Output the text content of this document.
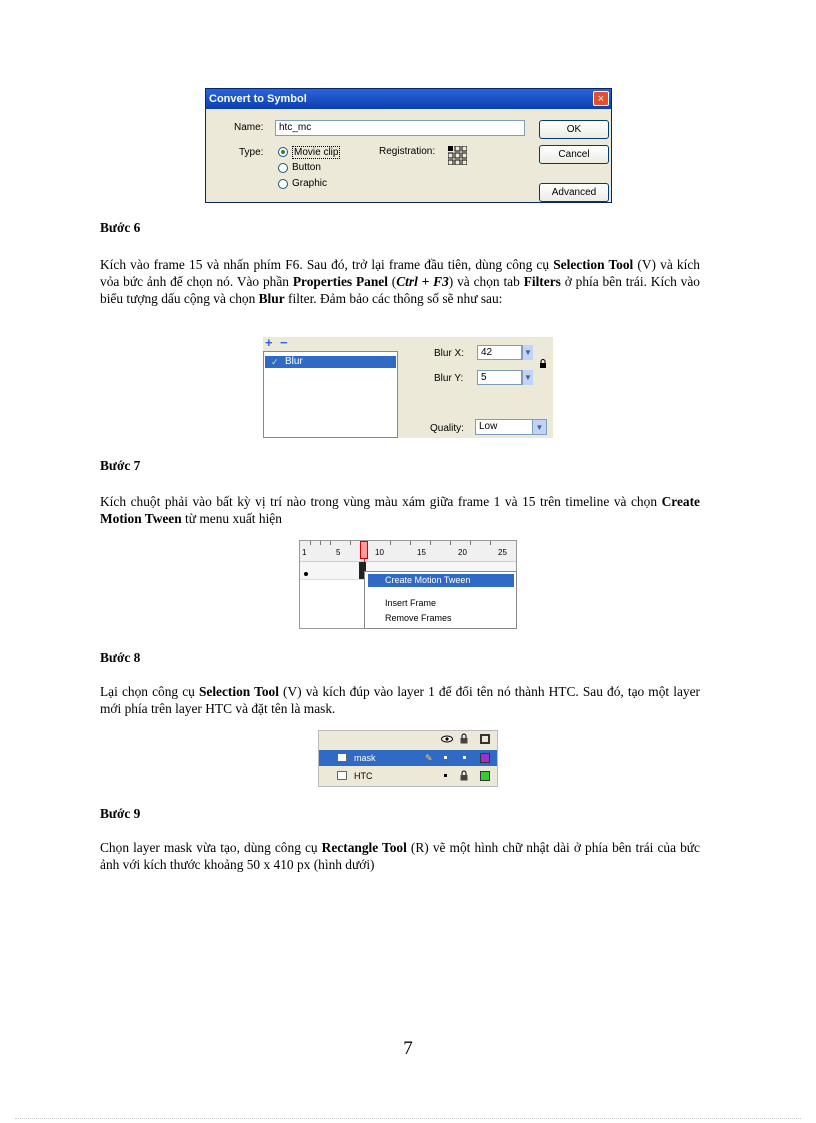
Convert to Symbol	×
Name:	htc_mc
Type:	Movie clip
Button
Graphic
Registration:
OK
Cancel
Advanced
Bước 6
Kích vào frame 15 và nhấn phím F6. Sau đó, trở lại frame đầu tiên, dùng công cụ Selection Tool (V) và kích vỏa bức ảnh để chọn nó. Vào phần Properties Panel (Ctrl + F3) và chọn tab Filters ở phía bên trái. Kích vào biểu tượng dấu cộng và chọn Blur filter. Đảm bảo các thông số sẽ như sau:
+ −
Blur
✓
Blur X:	42	▼
Blur Y:	5	▼
Quality:	Low	▼
Bước 7
Kích chuột phải vào bất kỳ vị trí nào trong vùng màu xám giữa frame 1 và 15 trên timeline và chọn Create Motion Tween từ menu xuất hiện
1	5	10	15	20	25
Create Motion Tween
Insert Frame
Remove Frames
Bước 8
Lại chọn công cụ Selection Tool (V) và kích đúp vào layer 1 để đổi tên nó thành HTC. Sau đó, tạo một layer mới phía trên layer HTC và đặt tên là mask.
mask	✎
HTC
Bước 9
Chọn layer mask vừa tạo, dùng công cụ Rectangle Tool (R) vẽ một hình chữ nhật dài ở phía bên trái của bức ảnh với kích thước khoảng 50 x 410 px (hình dưới)
7
